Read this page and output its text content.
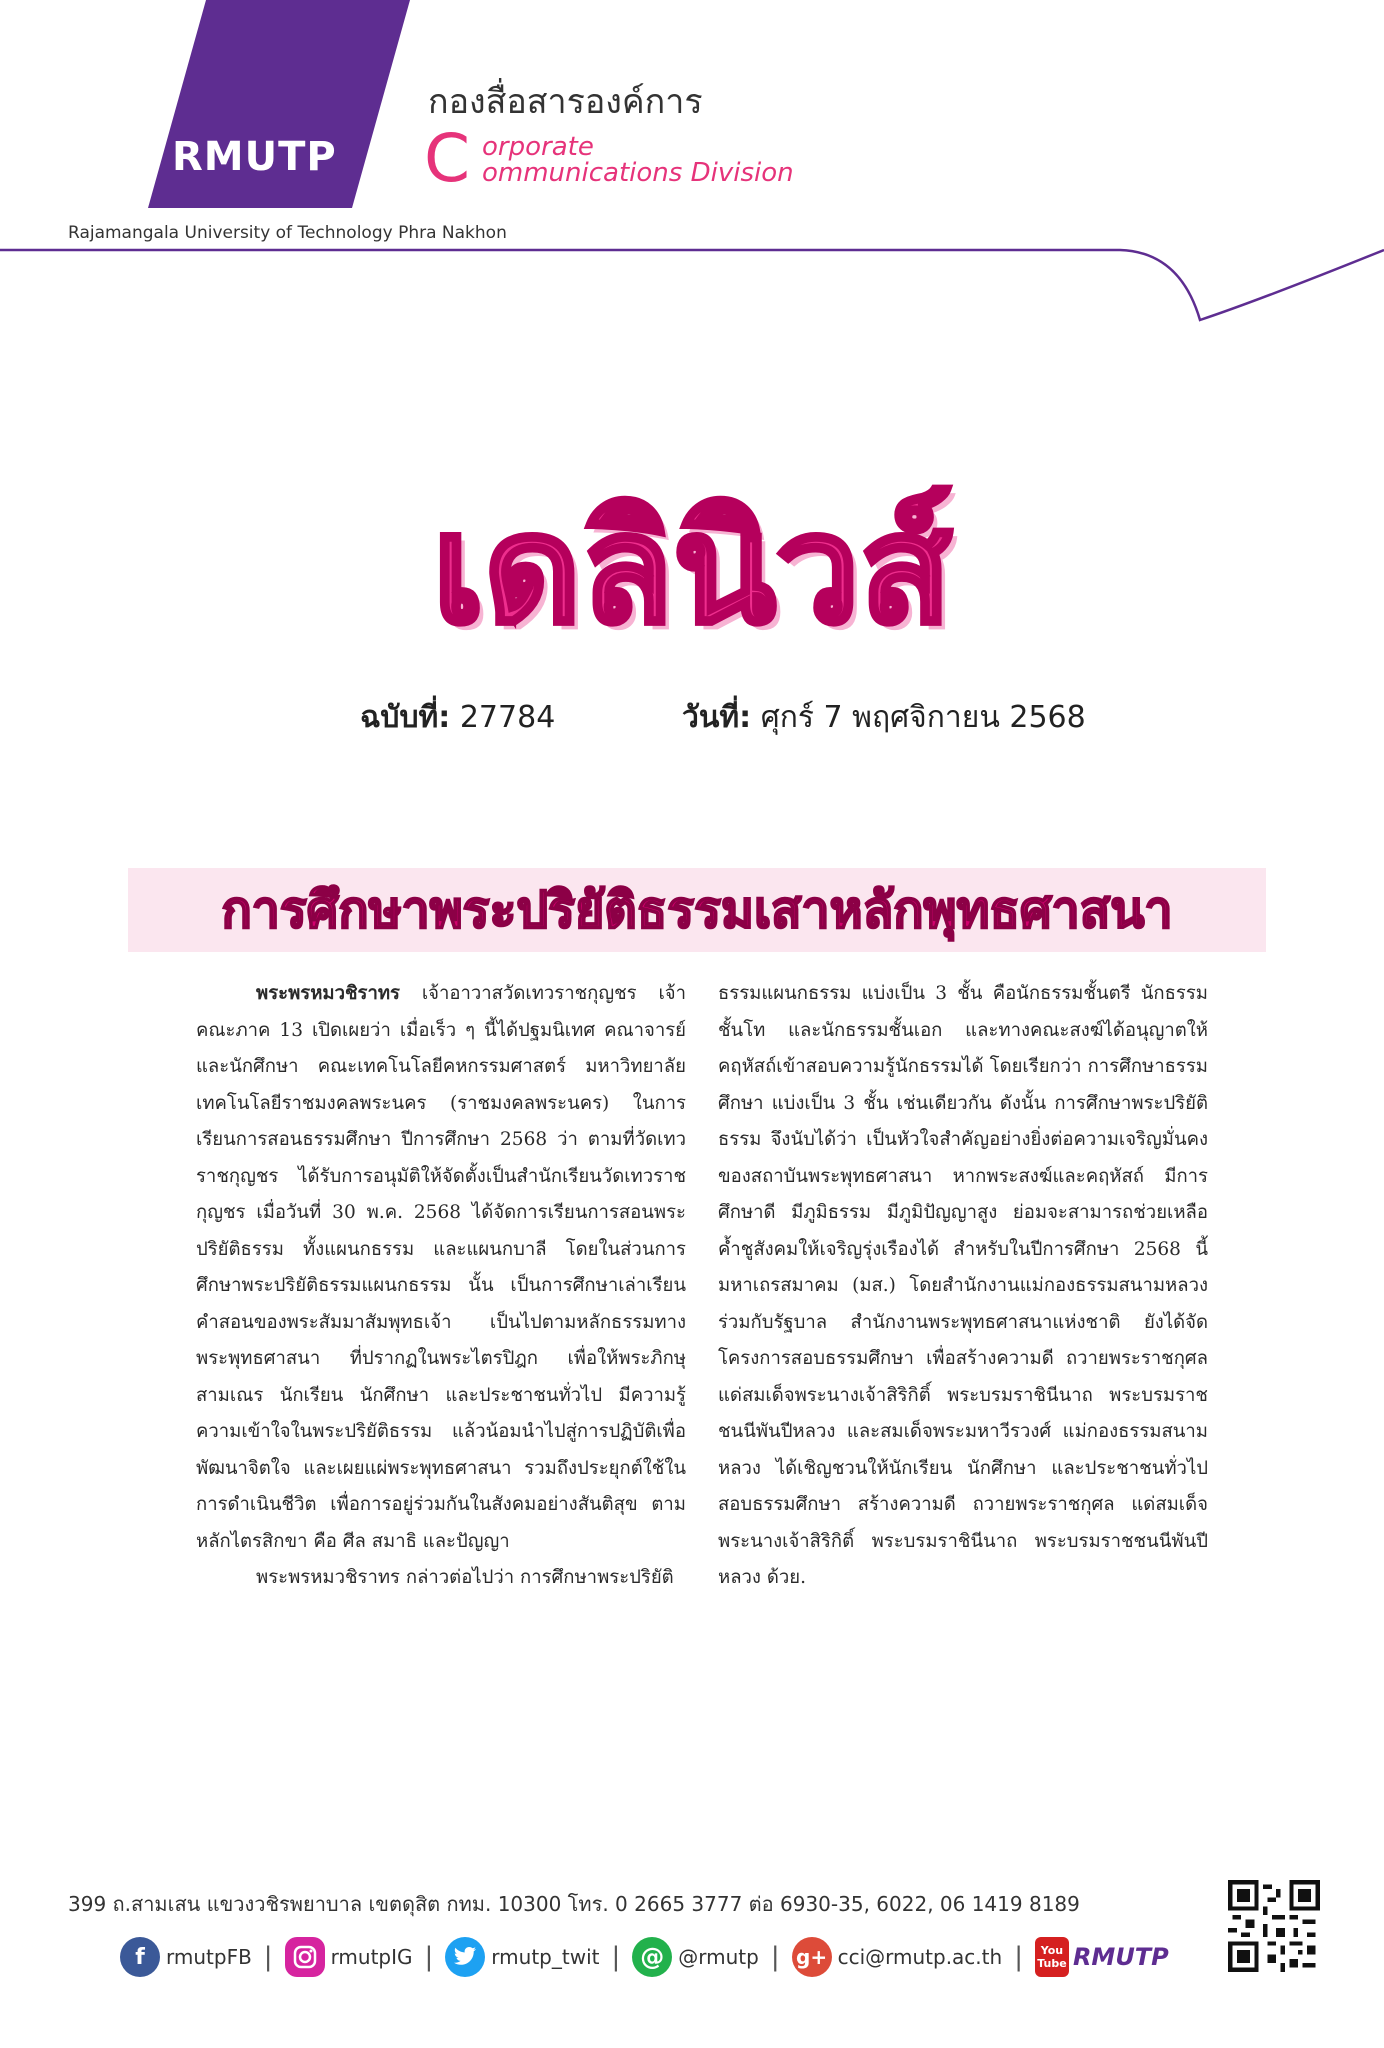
RMUTP
กองสื่อสารองค์การ
C orporate
ommunications Division
Rajamangala University of Technology Phra Nakhon
เดลินิวส์
ฉบับที่: 27784	วันที่: ศุกร์ 7 พฤศจิกายน 2568
การศึกษาพระปริยัติธรรมเสาหลักพุทธศาสนา

พระพรหมวชิราทร เจ้าอาวาสวัดเทวราชกุญชร เจ้าคณะภาค 13 เปิดเผยว่า เมื่อเร็ว ๆ นี้ได้ปฐมนิเทศ คณาจารย์และนักศึกษา คณะเทคโนโลยีคหกรรมศาสตร์ มหาวิทยาลัยเทคโนโลยีราชมงคลพระนคร (ราชมงคลพระนคร) ในการเรียนการสอนธรรมศึกษา ปีการศึกษา 2568 ว่า ตามที่วัดเทวราชกุญชร ได้รับการอนุมัติให้จัดตั้งเป็นสำนักเรียนวัดเทวราชกุญชร เมื่อวันที่ 30 พ.ค. 2568 ได้จัดการเรียนการสอนพระปริยัติธรรม ทั้งแผนกธรรม และแผนกบาลี โดยในส่วนการศึกษาพระปริยัติธรรมแผนกธรรม นั้น เป็นการศึกษาเล่าเรียนคำสอนของพระสัมมาสัมพุทธเจ้า เป็นไปตามหลักธรรมทางพระพุทธศาสนา ที่ปรากฏในพระไตรปิฎก เพื่อให้พระภิกษุสามเณร นักเรียน นักศึกษา และประชาชนทั่วไป มีความรู้ความเข้าใจในพระปริยัติธรรม แล้วน้อมนำไปสู่การปฏิบัติเพื่อพัฒนาจิตใจ และเผยแผ่พระพุทธศาสนา รวมถึงประยุกต์ใช้ในการดำเนินชีวิต เพื่อการอยู่ร่วมกันในสังคมอย่างสันติสุข ตามหลักไตรสิกขา คือ ศีล สมาธิ และปัญญา

พระพรหมวชิราทร กล่าวต่อไปว่า การศึกษาพระปริยัติ

ธรรมแผนกธรรม แบ่งเป็น 3 ชั้น คือนักธรรมชั้นตรี นักธรรมชั้นโท และนักธรรมชั้นเอก และทางคณะสงฆ์ได้อนุญาตให้คฤหัสถ์เข้าสอบความรู้นักธรรมได้ โดยเรียกว่า การศึกษาธรรมศึกษา แบ่งเป็น 3 ชั้น เช่นเดียวกัน ดังนั้น การศึกษาพระปริยัติธรรม จึงนับได้ว่า เป็นหัวใจสำคัญอย่างยิ่งต่อความเจริญมั่นคงของสถาบันพระพุทธศาสนา หากพระสงฆ์และคฤหัสถ์ มีการศึกษาดี มีภูมิธรรม มีภูมิปัญญาสูง ย่อมจะสามารถช่วยเหลือค้ำชูสังคมให้เจริญรุ่งเรืองได้ สำหรับในปีการศึกษา 2568 นี้ มหาเถรสมาคม (มส.) โดยสำนักงานแม่กองธรรมสนามหลวง ร่วมกับรัฐบาล สำนักงานพระพุทธศาสนาแห่งชาติ ยังได้จัดโครงการสอบธรรมศึกษา เพื่อสร้างความดี ถวายพระราชกุศลแด่สมเด็จพระนางเจ้าสิริกิติ์ พระบรมราชินีนาถ พระบรมราชชนนีพันปีหลวง และสมเด็จพระมหาวีรวงศ์ แม่กองธรรมสนามหลวง ได้เชิญชวนให้นักเรียน นักศึกษา และประชาชนทั่วไป สอบธรรมศึกษา สร้างความดี ถวายพระราชกุศล แด่สมเด็จพระนางเจ้าสิริกิติ์ พระบรมราชินีนาถ พระบรมราชชนนีพันปีหลวง ด้วย.

399 ถ.สามเสน แขวงวชิรพยาบาล เขตดุสิต กทม. 10300 โทร. 0 2665 3777 ต่อ 6930-35, 6022, 06 1419 8189
f	rmutpFB |	rmutpIG |	rmutp_twit | @ @rmutp | g+ cci@rmutp.ac.th | You
Tube RMUTP
